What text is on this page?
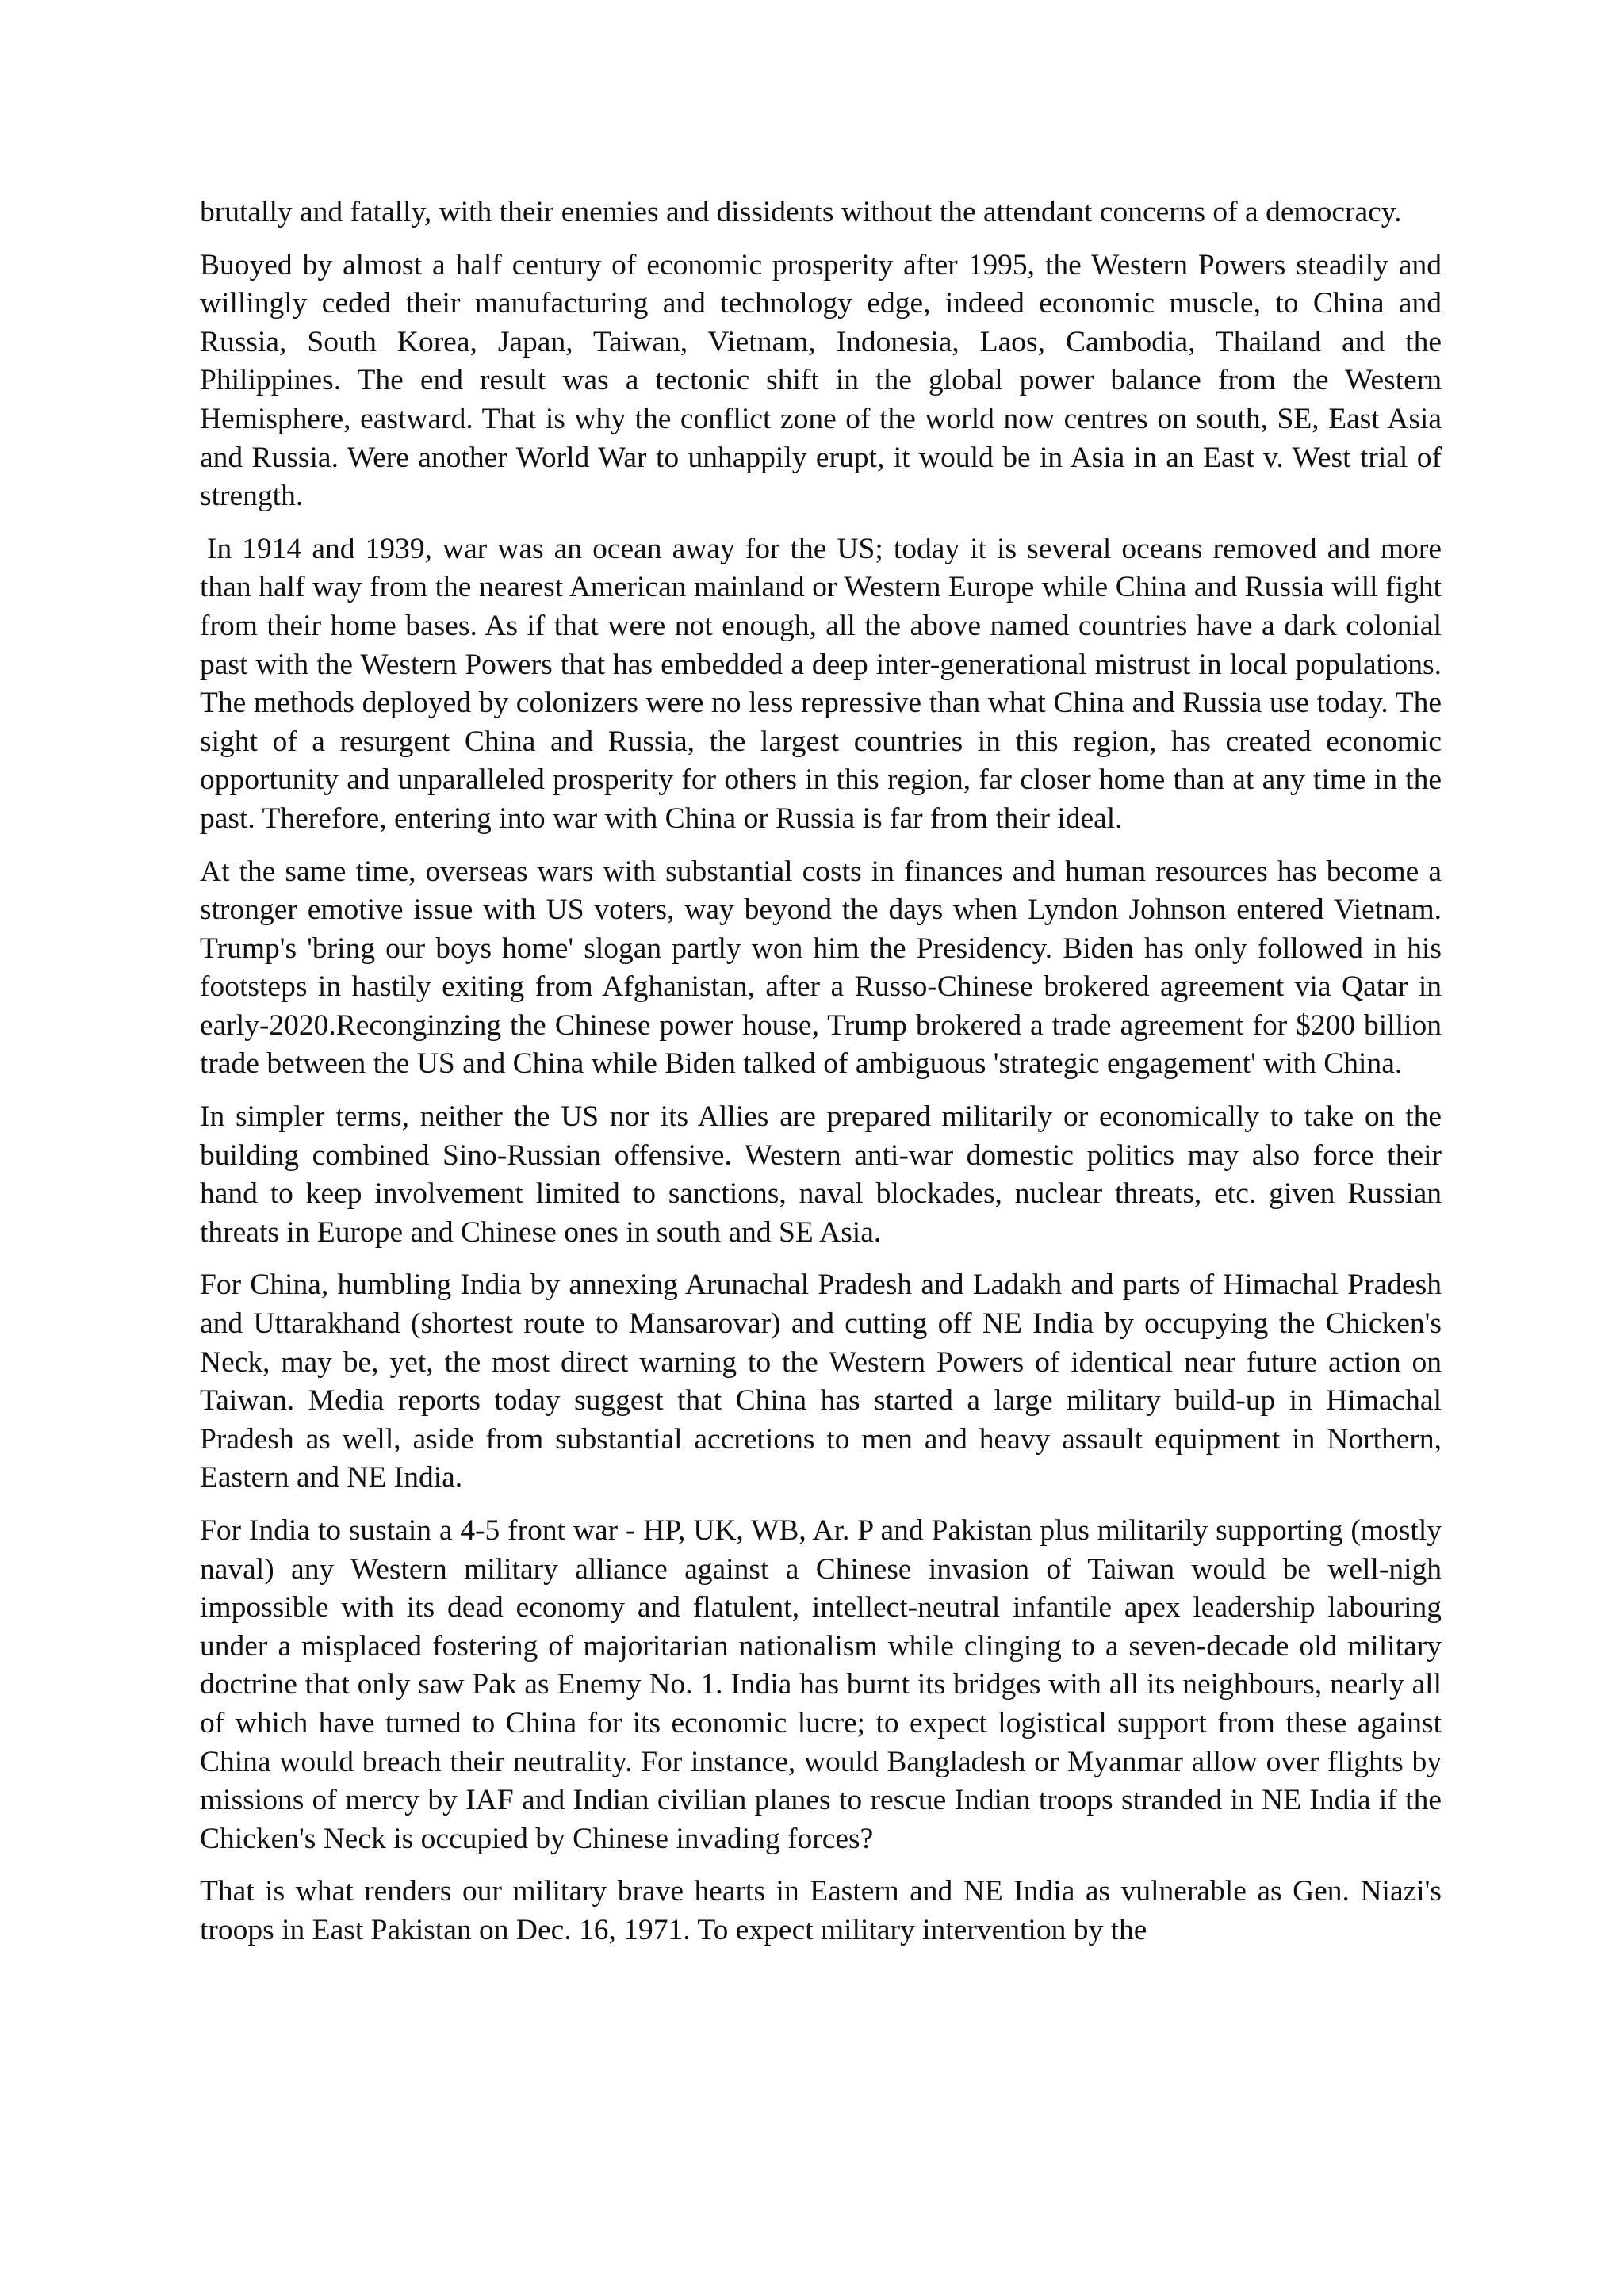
brutally and fatally, with their enemies and dissidents without the attendant concerns of a democracy.

Buoyed by almost a half century of economic prosperity after 1995, the Western Powers steadily and willingly ceded their manufacturing and technology edge, indeed economic muscle, to China and Russia, South Korea, Japan, Taiwan, Vietnam, Indonesia, Laos, Cambodia, Thailand and the Philippines. The end result was a tectonic shift in the global power balance from the Western Hemisphere, eastward. That is why the conflict zone of the world now centres on south, SE, East Asia and Russia. Were another World War to unhappily erupt, it would be in Asia in an East v. West trial of strength.

In 1914 and 1939, war was an ocean away for the US; today it is several oceans removed and more than half way from the nearest American mainland or Western Europe while China and Russia will fight from their home bases. As if that were not enough, all the above named countries have a dark colonial past with the Western Powers that has embedded a deep inter-generational mistrust in local populations. The methods deployed by colonizers were no less repressive than what China and Russia use today. The sight of a resurgent China and Russia, the largest countries in this region, has created economic opportunity and unparalleled prosperity for others in this region, far closer home than at any time in the past. Therefore, entering into war with China or Russia is far from their ideal.

At the same time, overseas wars with substantial costs in finances and human resources has become a stronger emotive issue with US voters, way beyond the days when Lyndon Johnson entered Vietnam. Trump's 'bring our boys home' slogan partly won him the Presidency. Biden has only followed in his footsteps in hastily exiting from Afghanistan, after a Russo-Chinese brokered agreement via Qatar in early-2020.Reconginzing the Chinese power house, Trump brokered a trade agreement for $200 billion trade between the US and China while Biden talked of ambiguous 'strategic engagement' with China.

In simpler terms, neither the US nor its Allies are prepared militarily or economically to take on the building combined Sino-Russian offensive. Western anti-war domestic politics may also force their hand to keep involvement limited to sanctions, naval blockades, nuclear threats, etc. given Russian threats in Europe and Chinese ones in south and SE Asia.

For China, humbling India by annexing Arunachal Pradesh and Ladakh and parts of Himachal Pradesh and Uttarakhand (shortest route to Mansarovar) and cutting off NE India by occupying the Chicken's Neck, may be, yet, the most direct warning to the Western Powers of identical near future action on Taiwan. Media reports today suggest that China has started a large military build-up in Himachal Pradesh as well, aside from substantial accretions to men and heavy assault equipment in Northern, Eastern and NE India.

For India to sustain a 4-5 front war - HP, UK, WB, Ar. P and Pakistan plus militarily supporting (mostly naval) any Western military alliance against a Chinese invasion of Taiwan would be well-nigh impossible with its dead economy and flatulent, intellect-neutral infantile apex leadership labouring under a misplaced fostering of majoritarian nationalism while clinging to a seven-decade old military doctrine that only saw Pak as Enemy No. 1. India has burnt its bridges with all its neighbours, nearly all of which have turned to China for its economic lucre; to expect logistical support from these against China would breach their neutrality. For instance, would Bangladesh or Myanmar allow over flights by missions of mercy by IAF and Indian civilian planes to rescue Indian troops stranded in NE India if the Chicken's Neck is occupied by Chinese invading forces?

That is what renders our military brave hearts in Eastern and NE India as vulnerable as Gen. Niazi's troops in East Pakistan on Dec. 16, 1971. To expect military intervention by the
